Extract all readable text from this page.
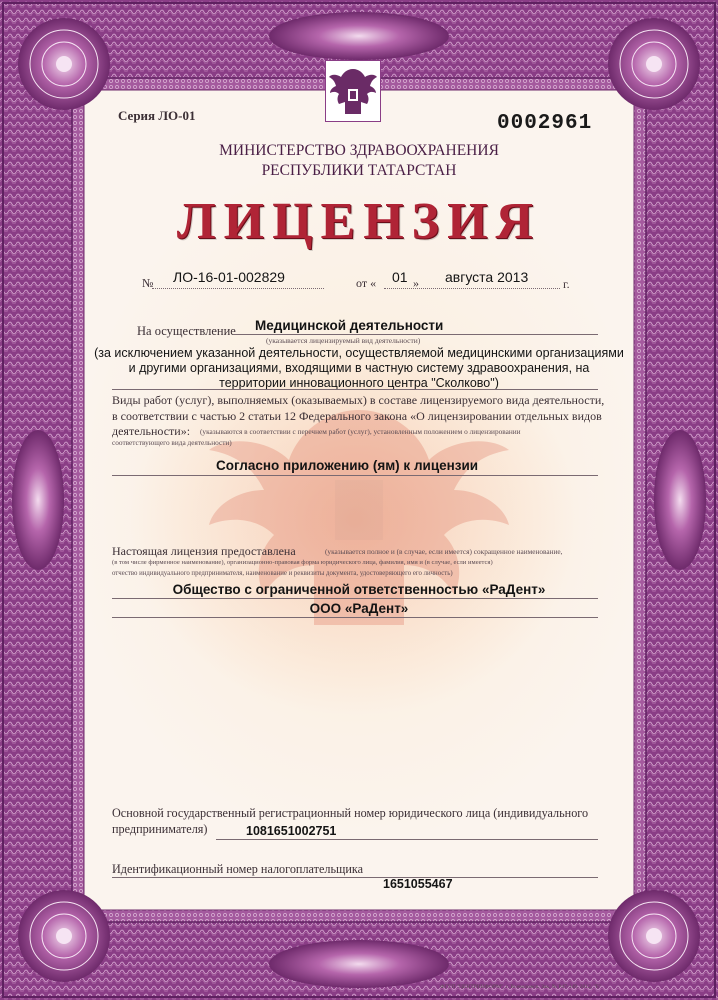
Серия ЛО-01	0002961
МИНИСТЕРСТВО ЗДРАВООХРАНЕНИЯ
РЕСПУБЛИКИ ТАТАРСТАН
ЛИЦЕНЗИЯ
№ ЛО-16-01-002829	от « 01 » августа 2013	г.
На осуществление Медицинской деятельности
(указывается лицензируемый вид деятельности)
(за исключением указанной деятельности, осуществляемой медицинскими организациями
и другими организациями, входящими в частную систему здравоохранения, на
территории инновационного центра "Сколково")
Виды работ (услуг), выполняемых (оказываемых) в составе лицензируемого вида деятельности,
в соответствии с частью 2 статьи 12 Федерального закона «О лицензировании отдельных видов
деятельности»: (указываются в соответствии с перечнем работ (услуг), установленным положением о лицензировании
соответствующего вида деятельности)
Согласно приложению (ям) к лицензии
Настоящая лицензия предоставлена	(указывается полное и (в случае, если имеется) сокращенное наименование,
(в том числе фирменное наименование), организационно-правовая форма юридического лица, фамилия, имя и (в случае, если имеется)
отчество индивидуального предпринимателя, наименование и реквизиты документа, удостоверяющего его личность)
Общество с ограниченной ответственностью «РаДент»
ООО «РаДент»
Основной государственный регистрационный номер юридического лица (индивидуального
предпринимателя)	1081651002751
Идентификационный номер налогоплательщика
1651055467
ФГУП "ЦЕНТРИНФОРМ", г. Всеволожск, Зак. № Р47-149, 2012, "Б"
